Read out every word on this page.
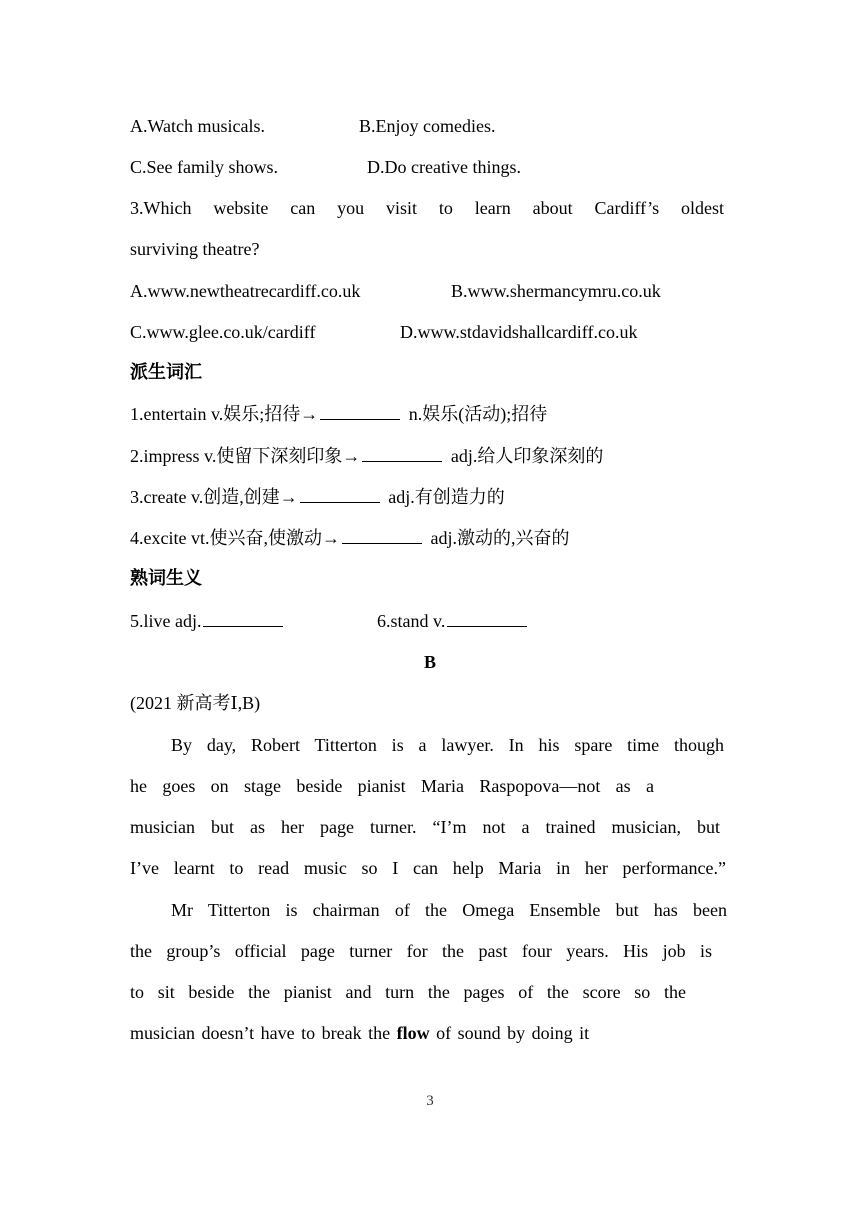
A.Watch musicals.	B.Enjoy comedies.
C.See family shows.	D.Do creative things.
3.Which website can you visit to learn about Cardiff’s oldest
surviving theatre?
A.www.newtheatrecardiff.co.uk	B.www.shermancymru.co.uk
C.www.glee.co.uk/cardiff	D.www.stdavidshallcardiff.co.uk
派生词汇
1.entertain v.娱乐;招待→	n.娱乐(活动);招待
2.impress v.使留下深刻印象→	adj.给人印象深刻的
3.create v.创造,创建→	adj.有创造力的
4.excite vt.使兴奋,使激动→	adj.激动的,兴奋的
熟词生义
5.live adj.	6.stand v.
B
(2021 新高考Ⅰ,B)
By day, Robert Titterton is a lawyer. In his spare time though
he goes on stage beside pianist Maria Raspopova—not as a
musician but as her page turner. “I’m not a trained musician, but
I’ve learnt to read music so I can help Maria in her performance.”
Mr Titterton is chairman of the Omega Ensemble but has been
the group’s official page turner for the past four years. His job is
to sit beside the pianist and turn the pages of the score so the
musician doesn’t have to break the flow of sound by doing it
3
